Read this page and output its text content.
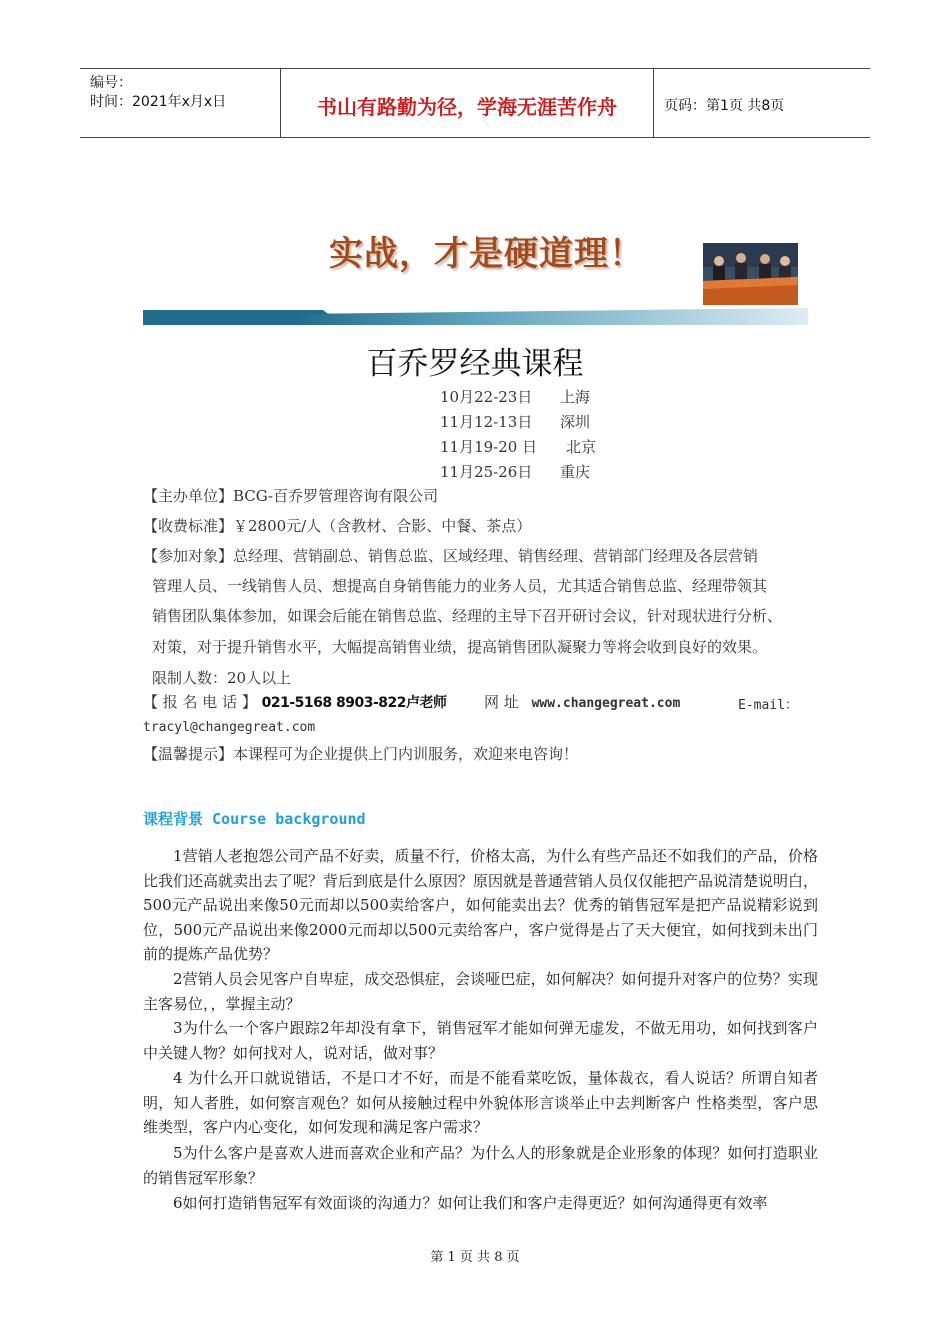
编号：
时间：2021年x月x日	书山有路勤为径，学海无涯苦作舟	页码：第1页 共8页
实战，才是硬道理！
百乔罗经典课程
10月22-23日 上海
11月12-13日 深圳
11月19-20 日 北京
11月25-26日 重庆
【主办单位】BCG-百乔罗管理咨询有限公司
【收费标准】￥2800元/人（含教材、合影、中餐、茶点）
【参加对象】总经理、营销副总、销售总监、区域经理、销售经理、营销部门经理及各层营销
管理人员、一线销售人员、想提高自身销售能力的业务人员，尤其适合销售总监、经理带领其
销售团队集体参加，如课会后能在销售总监、经理的主导下召开研讨会议，针对现状进行分析、
对策，对于提升销售水平，大幅提高销售业绩，提高销售团队凝聚力等将会收到良好的效果。
限制人数：20人以上
【 报 名 电 话 】 021-5168 8903-822卢老师	网 址 www.changegreat.com	E-mail：
tracyl@changegreat.com
【温馨提示】本课程可为企业提供上门内训服务，欢迎来电咨询！
课程背景 Course background
1营销人老抱怨公司产品不好卖，质量不行，价格太高，为什么有些产品还不如我们的产品，价格比我们还高就卖出去了呢？背后到底是什么原因？原因就是普通营销人员仅仅能把产品说清楚说明白，500元产品说出来像50元而却以500卖给客户，如何能卖出去？优秀的销售冠军是把产品说精彩说到位，500元产品说出来像2000元而却以500元卖给客户，客户觉得是占了天大便宜，如何找到未出门前的提炼产品优势？
2营销人员会见客户自卑症，成交恐惧症，会谈哑巴症，如何解决？如何提升对客户的位势？实现主客易位，，掌握主动？
3为什么一个客户跟踪2年却没有拿下，销售冠军才能如何弹无虚发，不做无用功，如何找到客户中关键人物？如何找对人，说对话，做对事？
4 为什么开口就说错话，不是口才不好，而是不能看菜吃饭，量体裁衣，看人说话？所谓自知者明，知人者胜，如何察言观色？如何从接触过程中外貌体形言谈举止中去判断客户 性格类型，客户思维类型，客户内心变化，如何发现和满足客户需求？
5为什么客户是喜欢人进而喜欢企业和产品？为什么人的形象就是企业形象的体现？如何打造职业的销售冠军形象？
6如何打造销售冠军有效面谈的沟通力？如何让我们和客户走得更近？如何沟通得更有效率
第 1 页 共 8 页
